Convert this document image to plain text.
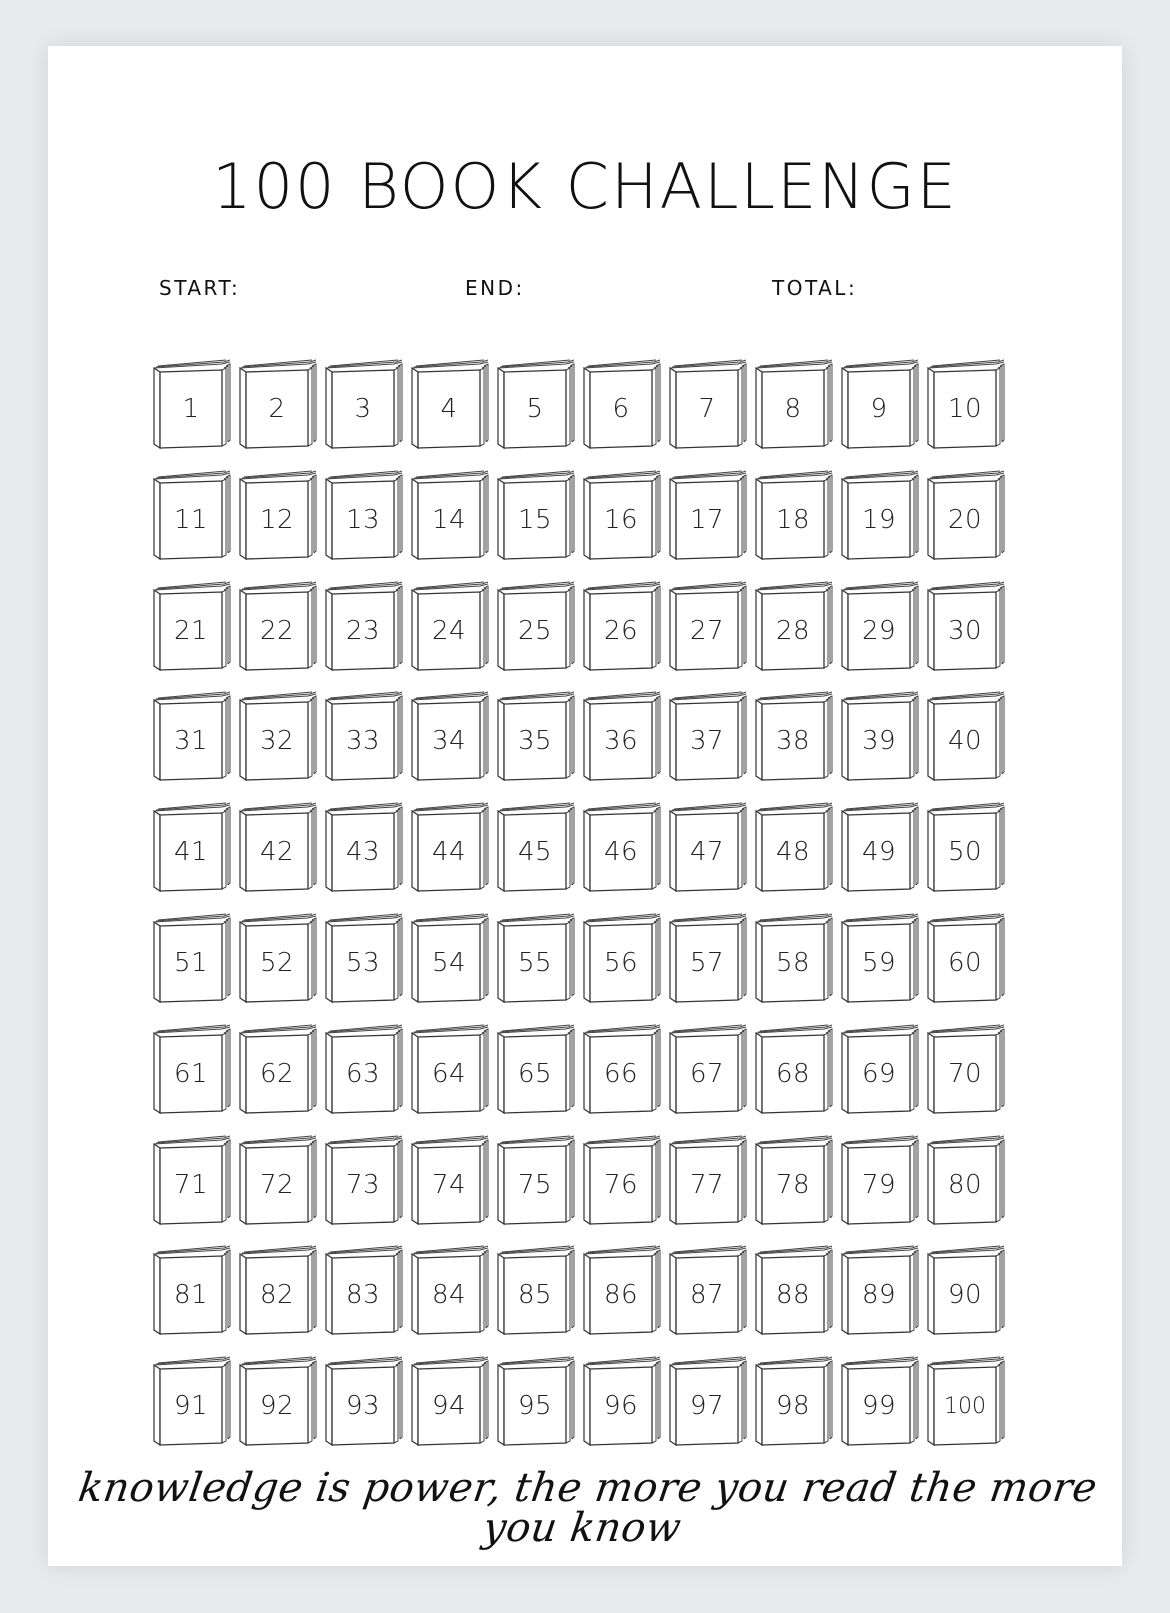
100 BOOK CHALLENGE
START:	END:	TOTAL:
1	2	3	4	5	6	7	8	9	10
11	12	13	14	15	16	17	18	19	20
21	22	23	24	25	26	27	28	29	30
31	32	33	34	35	36	37	38	39	40
41	42	43	44	45	46	47	48	49	50
51	52	53	54	55	56	57	58	59	60
61	62	63	64	65	66	67	68	69	70
71	72	73	74	75	76	77	78	79	80
81	82	83	84	85	86	87	88	89	90
91	92	93	94	95	96	97	98	99	100
knowledge is power, the more you read the more you know
